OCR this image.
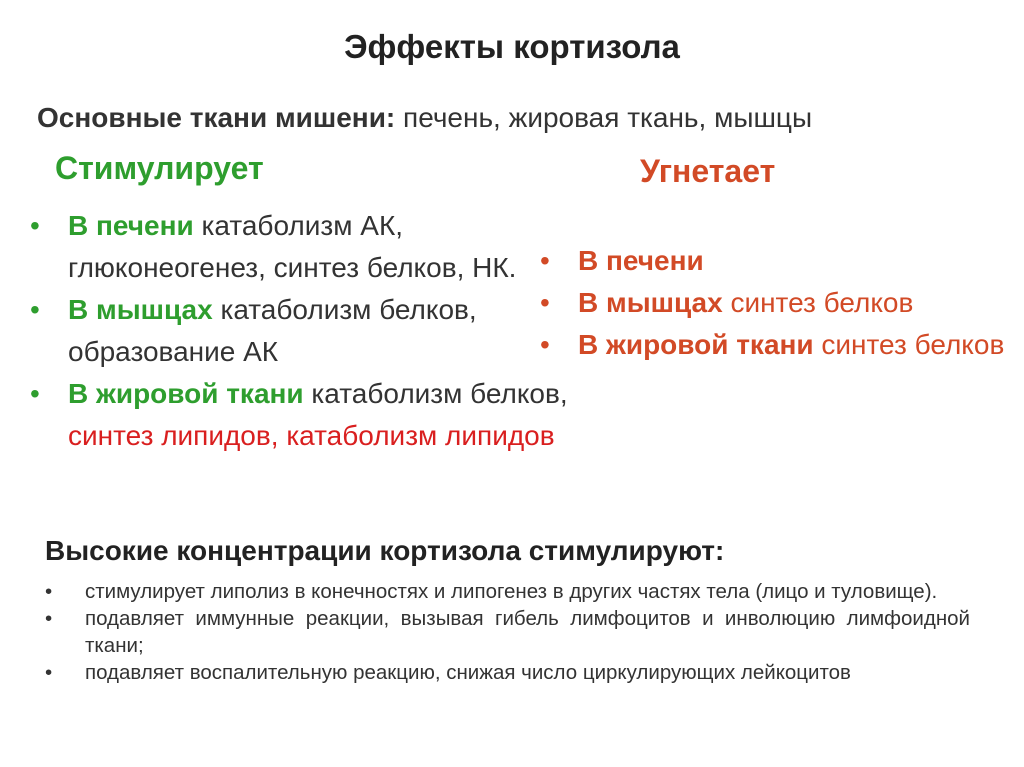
Эффекты кортизола
Основные ткани мишени: печень, жировая ткань, мышцы
Стимулирует	Угнетает
• В печени катаболизм АК, глюконеогенез, синтез белков, НК.
• В мышцах катаболизм белков, образование АК
• В жировой ткани катаболизм белков, синтез липидов, катаболизм липидов
• В печени
• В мышцах синтез белков
• В жировой ткани синтез белков
Высокие концентрации кортизола стимулируют:
• стимулирует липолиз в конечностях и липогенез в других частях тела (лицо и туловище).
• подавляет иммунные реакции, вызывая гибель лимфоцитов и инволюцию лимфоидной ткани;
• подавляет воспалительную реакцию, снижая число циркулирующих лейкоцитов
